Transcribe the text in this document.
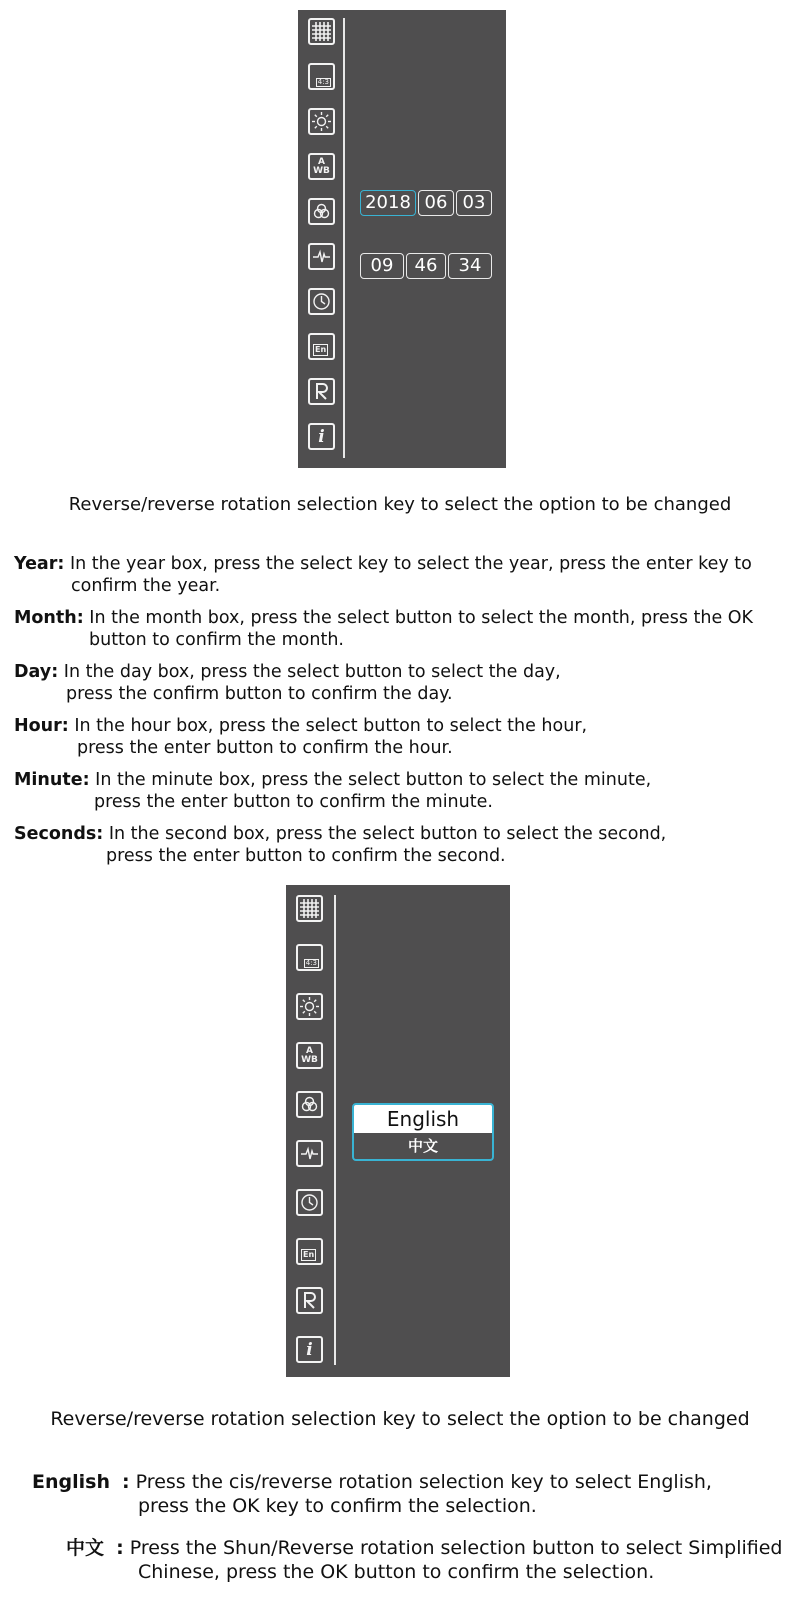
4:3
A
WB
En
i
2018 06 03
09	46	34
Reverse/reverse rotation selection key to select the option to be changed
Year: In the year box, press the select key to select the year, press the enter key to
confirm the year.
Month: In the month box, press the select button to select the month, press the OK
button to confirm the month.
Day: In the day box, press the select button to select the day,
press the confirm button to confirm the day.
Hour: In the hour box, press the select button to select the hour,
press the enter button to confirm the hour.
Minute: In the minute box, press the select button to select the minute,
press the enter button to confirm the minute.
Seconds: In the second box, press the select button to select the second,
press the enter button to confirm the second.
4:3
A
WB
En
i
English
中文
Reverse/reverse rotation selection key to select the option to be changed
English : Press the cis/reverse rotation selection key to select English,
press the OK key to confirm the selection.
中文 : Press the Shun/Reverse rotation selection button to select Simplified
Chinese, press the OK button to confirm the selection.
